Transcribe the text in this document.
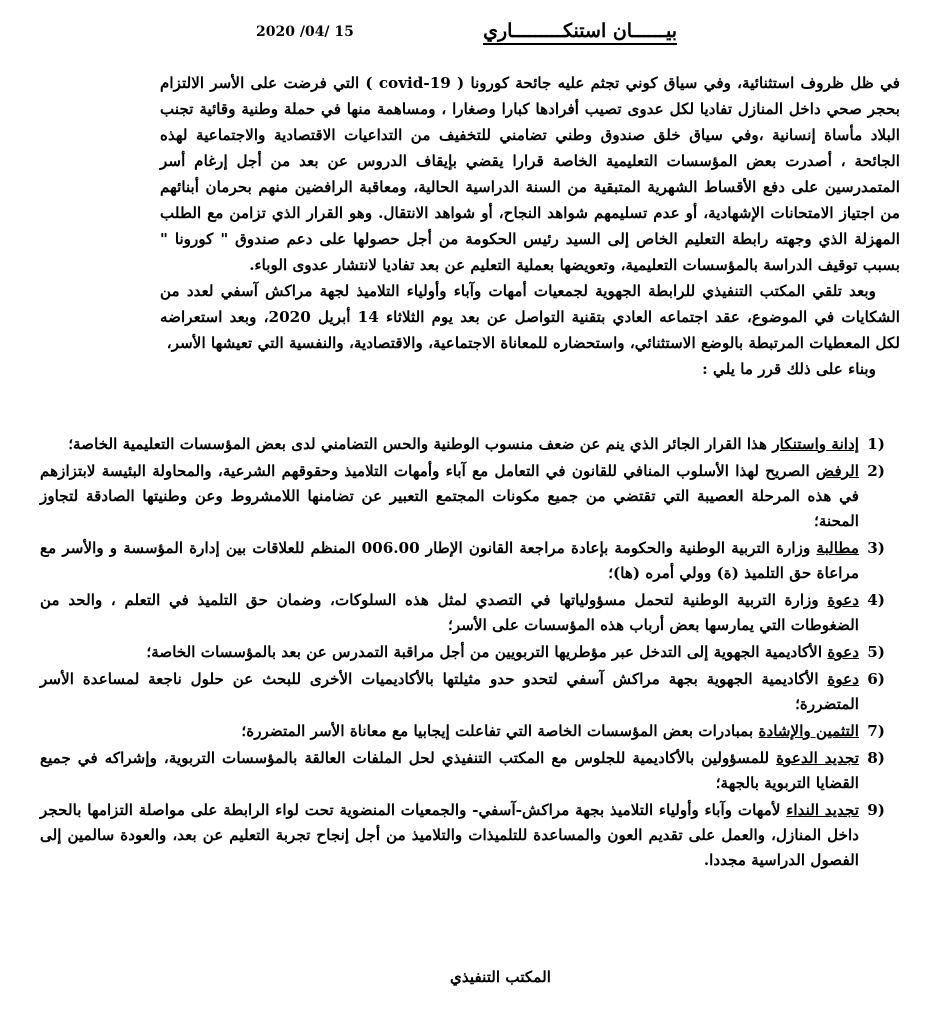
بيــــــان استنكـــــــــاري
2020 /04/ 15

في ظل ظروف استثنائية، وفي سياق كوني تجثم عليه جائحة كورونا ( covid-19 ) التي فرضت على الأسر الالتزام بحجر صحي داخل المنازل تفاديا لكل عدوى تصيب أفرادها كبارا وصغارا ، ومساهمة منها في حملة وطنية وقائية تجنب البلاد مأساة إنسانية ،وفي سياق خلق صندوق وطني تضامني للتخفيف من التداعيات الاقتصادية والاجتماعية لهذه الجائحة ، أصدرت بعض المؤسسات التعليمية الخاصة قرارا يقضي بإيقاف الدروس عن بعد من أجل إرغام أسر المتمدرسين على دفع الأقساط الشهرية المتبقية من السنة الدراسية الحالية، ومعاقبة الرافضين منهم بحرمان أبنائهم من اجتياز الامتحانات الإشهادية، أو عدم تسليمهم شواهد النجاح، أو شواهد الانتقال. وهو القرار الذي تزامن مع الطلب المهزلة الذي وجهته رابطة التعليم الخاص إلى السيد رئيس الحكومة من أجل حصولها على دعم صندوق " كورونا " بسبب توقيف الدراسة بالمؤسسات التعليمية، وتعويضها بعملية التعليم عن بعد تفاديا لانتشار عدوى الوباء.

وبعد تلقي المكتب التنفيذي للرابطة الجهوية لجمعيات أمهات وآباء وأولياء التلاميذ لجهة مراكش آسفي لعدد من الشكايات في الموضوع، عقد اجتماعه العادي بتقنية التواصل عن بعد يوم الثلاثاء 14 أبريل 2020، وبعد استعراضه لكل المعطيات المرتبطة بالوضع الاستثنائي، واستحضاره للمعاناة الاجتماعية، والاقتصادية، والنفسية التي تعيشها الأسر،

وبناء على ذلك قرر ما يلي :

1)
إدانة واستنكار هذا القرار الجائر الذي ينم عن ضعف منسوب الوطنية والحس التضامني لدى بعض المؤسسات التعليمية الخاصة؛
2)
الرفض الصريح لهذا الأسلوب المنافي للقانون في التعامل مع آباء وأمهات التلاميذ وحقوقهم الشرعية، والمحاولة البئيسة لابتزازهم في هذه المرحلة العصيبة التي تقتضي من جميع مكونات المجتمع التعبير عن تضامنها اللامشروط وعن وطنيتها الصادقة لتجاوز المحنة؛
3)
مطالبة وزارة التربية الوطنية والحكومة بإعادة مراجعة القانون الإطار 006.00 المنظم للعلاقات بين إدارة المؤسسة و والأسر مع مراعاة حق التلميذ (ة) وولي أمره (ها)؛
4)
دعوة وزارة التربية الوطنية لتحمل مسؤولياتها في التصدي لمثل هذه السلوكات، وضمان حق التلميذ في التعلم ، والحد من الضغوطات التي يمارسها بعض أرباب هذه المؤسسات على الأسر؛
5)
دعوة الأكاديمية الجهوية إلى التدخل عبر مؤطريها التربويين من أجل مراقبة التمدرس عن بعد بالمؤسسات الخاصة؛
6)
دعوة الأكاديمية الجهوية بجهة مراكش آسفي لتحدو حدو مثيلتها بالأكاديميات الأخرى للبحث عن حلول ناجعة لمساعدة الأسر المتضررة؛
7)
التثمين والإشادة بمبادرات بعض المؤسسات الخاصة التي تفاعلت إيجابيا مع معاناة الأسر المتضررة؛
8)
تجديد الدعوة للمسؤولين بالأكاديمية للجلوس مع المكتب التنفيذي لحل الملفات العالقة بالمؤسسات التربوية، وإشراكه في جميع القضايا التربوية بالجهة؛
9)
تجديد النداء لأمهات وآباء وأولياء التلاميذ بجهة مراكش-آسفي- والجمعيات المنضوية تحت لواء الرابطة على مواصلة التزامها بالحجر داخل المنازل، والعمل على تقديم العون والمساعدة للتلميذات والتلاميذ من أجل إنجاح تجربة التعليم عن بعد، والعودة سالمين إلى الفصول الدراسية مجددا.
المكتب التنفيذي
